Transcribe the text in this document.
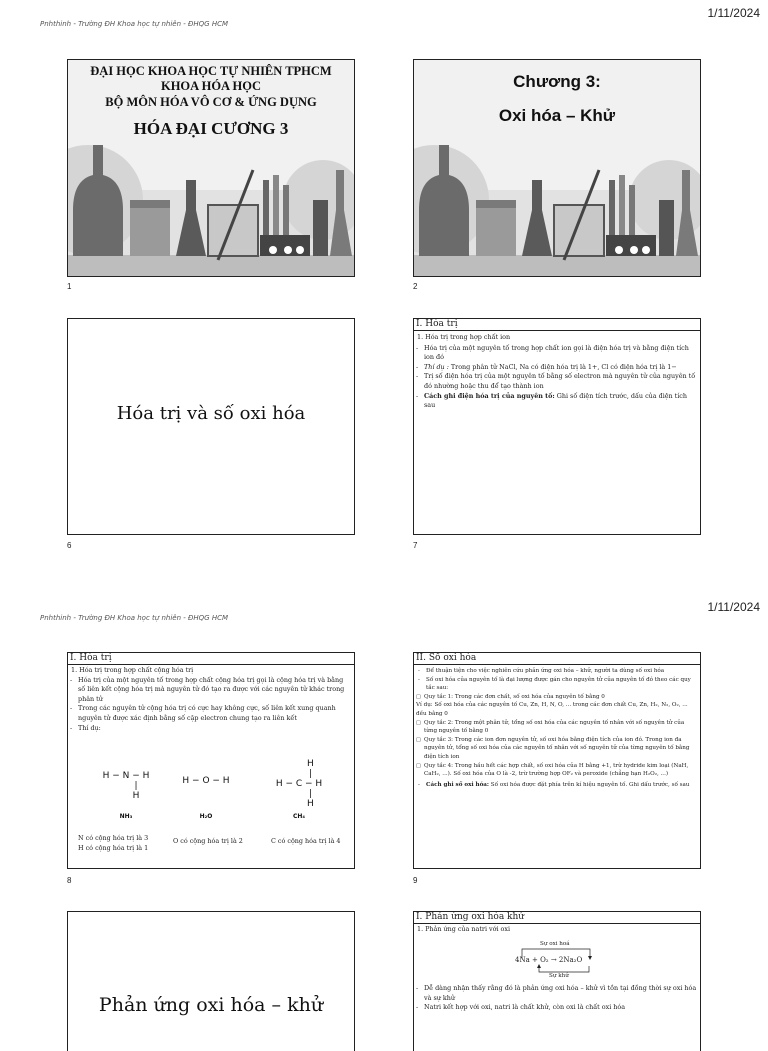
Pnhthinh - Trường ĐH Khoa học tự nhiên - ĐHQG HCM
1/11/2024
ĐẠI HỌC KHOA HỌC TỰ NHIÊN TPHCM
KHOA HÓA HỌC
BỘ MÔN HÓA VÔ CƠ & ỨNG DỤNG
HÓA ĐẠI CƯƠNG 3
1
Chương 3:
Oxi hóa – Khử
2
Hóa trị và số oxi hóa
6
I. Hóa trị
1. Hóa trị trong hợp chất ion
- Hóa trị của một nguyên tố trong hợp chất ion gọi là điện hóa trị và bằng điện tích ion đó
- Thí dụ : Trong phân tử NaCl, Na có điện hóa trị là 1+, Cl có điện hóa trị là 1−
- Trị số điện hóa trị của một nguyên tố bằng số electron mà nguyên tử của nguyên tố đó nhường hoặc thu để tạo thành ion
- Cách ghi điện hóa trị của nguyên tố: Ghi số điện tích trước, dấu của điện tích sau
7
Pnhthinh - Trường ĐH Khoa học tự nhiên - ĐHQG HCM
1/11/2024
I. Hóa trị
1. Hóa trị trong hợp chất cộng hóa trị
- Hóa trị của một nguyên tố trong hợp chất cộng hóa trị gọi là cộng hóa trị và bằng số liên kết cộng hóa trị mà nguyên tử đó tạo ra được với các nguyên tử khác trong phân tử
- Trong các nguyên tử cộng hóa trị có cực hay không cực, số liên kết xung quanh nguyên tử được xác định bằng số cặp electron chung tạo ra liên kết
- Thí dụ:
H − N − H
|
H
H − O − H
H
|
H − C − H
|
H
NH₃	H₂O	CH₄
N có cộng hóa trị là 3
H có cộng hóa trị là 1
O có cộng hóa trị là 2	C có cộng hóa trị là 4
8
II. Số oxi hóa
- Để thuận tiện cho việc nghiên cứu phản ứng oxi hóa – khử, người ta dùng số oxi hóa
- Số oxi hóa của nguyên tố là đại lượng được gán cho nguyên tử của nguyên tố đó theo các quy tắc sau:
□ Quy tắc 1: Trong các đơn chất, số oxi hóa của nguyên tố bằng 0
Ví dụ: Số oxi hóa của các nguyên tố Cu, Zn, H, N, O, ... trong các đơn chất Cu, Zn, H₂, N₂, O₂, ... đều bằng 0
□ Quy tắc 2: Trong một phân tử, tổng số oxi hóa của các nguyên tố nhân với số nguyên tử của từng nguyên tố bằng 0
□ Quy tắc 3: Trong các ion đơn nguyên tử, số oxi hóa bằng điện tích của ion đó. Trong ion đa nguyên tử, tổng số oxi hóa của các nguyên tố nhân với số nguyên tử của từng nguyên tố bằng điện tích ion
□ Quy tắc 4: Trong hầu hết các hợp chất, số oxi hóa của H bằng +1, trừ hydride kim loại (NaH, CaH₂, ...). Số oxi hóa của O là -2, trừ trường hợp OF₂ và peroxide (chẳng hạn H₂O₂, ...)
- Cách ghi số oxi hóa: Số oxi hóa được đặt phía trên kí hiệu nguyên tố. Ghi dấu trước, số sau
9
Phản ứng oxi hóa – khử
I. Phản ứng oxi hóa khử
1. Phản ứng của natri với oxi
Sự oxi hoá
4Na + O₂ → 2Na₂O
Sự khử
- Dễ dàng nhận thấy rằng đó là phản ứng oxi hóa – khử vì tồn tại đồng thời sự oxi hóa và sự khử
- Natri kết hợp với oxi, natri là chất khử, còn oxi là chất oxi hóa
